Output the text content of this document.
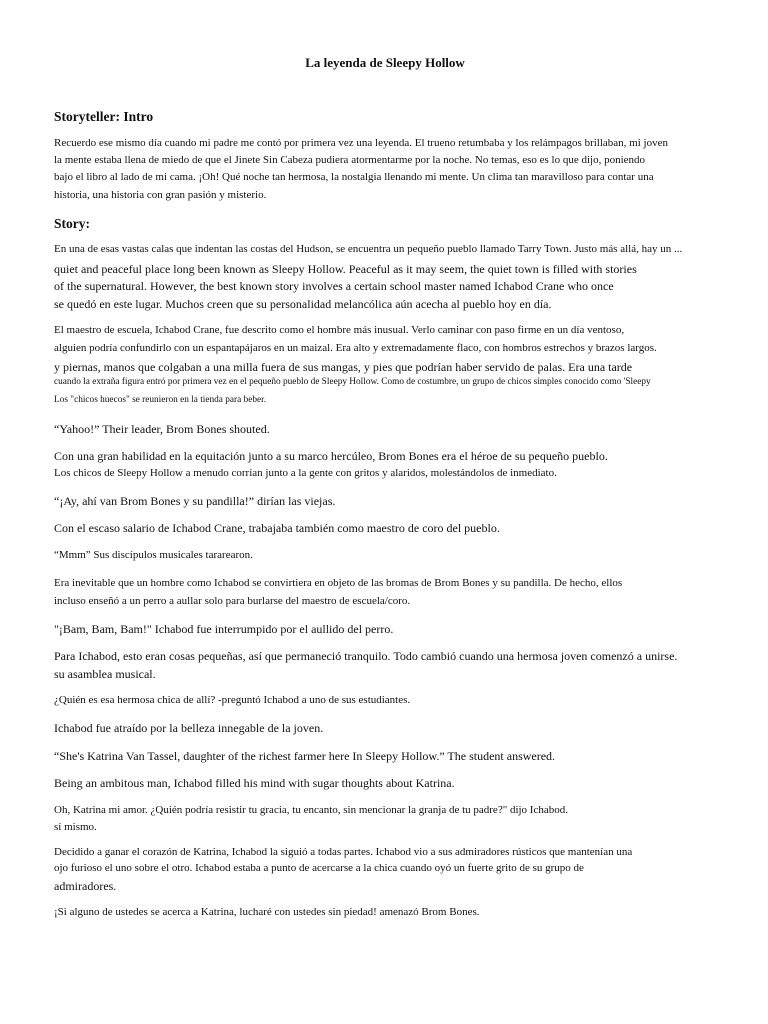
La leyenda de Sleepy Hollow
Storyteller: Intro
Recuerdo ese mismo día cuando mi padre me contó por primera vez una leyenda. El trueno retumbaba y los relámpagos brillaban, mi joven
la mente estaba llena de miedo de que el Jinete Sin Cabeza pudiera atormentarme por la noche. No temas, eso es lo que dijo, poniendo
bajo el libro al lado de mi cama. ¡Oh! Qué noche tan hermosa, la nostalgia llenando mi mente. Un clima tan maravilloso para contar una
historia, una historia con gran pasión y misterio.
Story:
En una de esas vastas calas que indentan las costas del Hudson, se encuentra un pequeño pueblo llamado Tarry Town. Justo más allá, hay un ...
quiet and peaceful place long been known as Sleepy Hollow. Peaceful as it may seem, the quiet town is filled with stories
of the supernatural. However, the best known story involves a certain school master named Ichabod Crane who once
se quedó en este lugar. Muchos creen que su personalidad melancólica aún acecha al pueblo hoy en día.
El maestro de escuela, Ichabod Crane, fue descrito como el hombre más inusual. Verlo caminar con paso firme en un día ventoso,
alguien podría confundirlo con un espantapájaros en un maizal. Era alto y extremadamente flaco, con hombros estrechos y brazos largos.
y piernas, manos que colgaban a una milla fuera de sus mangas, y pies que podrían haber servido de palas. Era una tarde
cuando la extraña figura entró por primera vez en el pequeño pueblo de Sleepy Hollow. Como de costumbre, un grupo de chicos simples conocido como 'Sleepy
Los "chicos huecos" se reunieron en la tienda para beber.
“Yahoo!” Their leader, Brom Bones shouted.
Con una gran habilidad en la equitación junto a su marco hercúleo, Brom Bones era el héroe de su pequeño pueblo.
Los chicos de Sleepy Hollow a menudo corrían junto a la gente con gritos y alaridos, molestándolos de inmediato.
“¡Ay, ahí van Brom Bones y su pandilla!” dirían las viejas.
Con el escaso salario de Ichabod Crane, trabajaba también como maestro de coro del pueblo.
“Mmm” Sus discípulos musicales tararearon.
Era inevitable que un hombre como Ichabod se convirtiera en objeto de las bromas de Brom Bones y su pandilla. De hecho, ellos
incluso enseñó a un perro a aullar solo para burlarse del maestro de escuela/coro.
"¡Bam, Bam, Bam!" Ichabod fue interrumpido por el aullido del perro.
Para Ichabod, esto eran cosas pequeñas, así que permaneció tranquilo. Todo cambió cuando una hermosa joven comenzó a unirse.
su asamblea musical.
¿Quién es esa hermosa chica de allí? -preguntó Ichabod a uno de sus estudiantes.
Ichabod fue atraído por la belleza innegable de la joven.
“She's Katrina Van Tassel, daughter of the richest farmer here In Sleepy Hollow.” The student answered.
Being an ambitous man, Ichabod filled his mind with sugar thoughts about Katrina.
Oh, Katrina mi amor. ¿Quién podría resistir tu gracia, tu encanto, sin mencionar la granja de tu padre?" dijo Ichabod.
sí mismo.
Decidido a ganar el corazón de Katrina, Ichabod la siguió a todas partes. Ichabod vio a sus admiradores rústicos que mantenían una
ojo furioso el uno sobre el otro. Ichabod estaba a punto de acercarse a la chica cuando oyó un fuerte grito de su grupo de
admiradores.
¡Si alguno de ustedes se acerca a Katrina, lucharé con ustedes sin piedad! amenazó Brom Bones.
